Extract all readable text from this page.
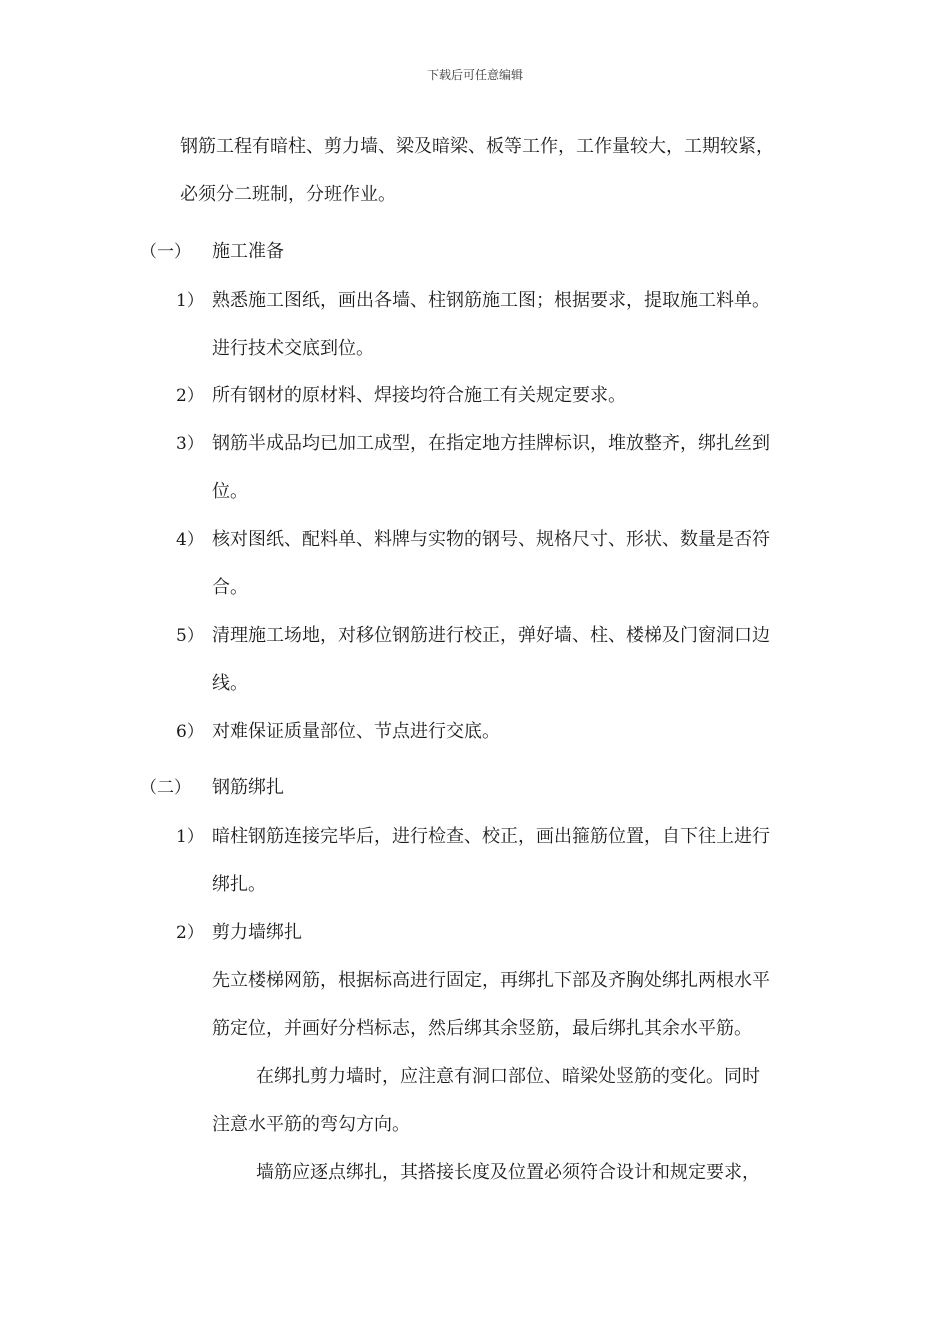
下载后可任意编辑
钢筋工程有暗柱、剪力墙、梁及暗梁、板等工作，工作量较大，工期较紧，
必须分二班制，分班作业。
（一） 施工准备
1） 熟悉施工图纸，画出各墙、柱钢筋施工图；根据要求，提取施工料单。
进行技术交底到位。
2） 所有钢材的原材料、焊接均符合施工有关规定要求。
3） 钢筋半成品均已加工成型，在指定地方挂牌标识，堆放整齐，绑扎丝到
位。
4） 核对图纸、配料单、料牌与实物的钢号、规格尺寸、形状、数量是否符
合。
5） 清理施工场地，对移位钢筋进行校正，弹好墙、柱、楼梯及门窗洞口边
线。
6） 对难保证质量部位、节点进行交底。
（二） 钢筋绑扎
1） 暗柱钢筋连接完毕后，进行检查、校正，画出箍筋位置，自下往上进行
绑扎。
2） 剪力墙绑扎
先立楼梯网筋，根据标高进行固定，再绑扎下部及齐胸处绑扎两根水平
筋定位，并画好分档标志，然后绑其余竖筋，最后绑扎其余水平筋。
在绑扎剪力墙时，应注意有洞口部位、暗梁处竖筋的变化。同时
注意水平筋的弯勾方向。
墙筋应逐点绑扎，其搭接长度及位置必须符合设计和规定要求，
